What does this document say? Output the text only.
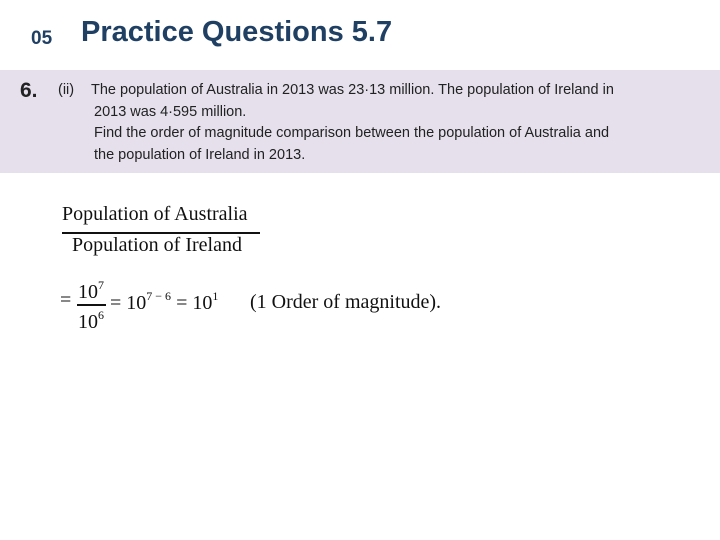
05 Practice Questions 5.7
6. (ii) The population of Australia in 2013 was 23·13 million. The population of Ireland in
2013 was 4·595 million.
Find the order of magnitude comparison between the population of Australia and
the population of Ireland in 2013.
Population of Australia
Population of Ireland
= $10^7$
$10^6$
= $10^{7 - 6} = 10^1$ (1 Order of magnitude).
